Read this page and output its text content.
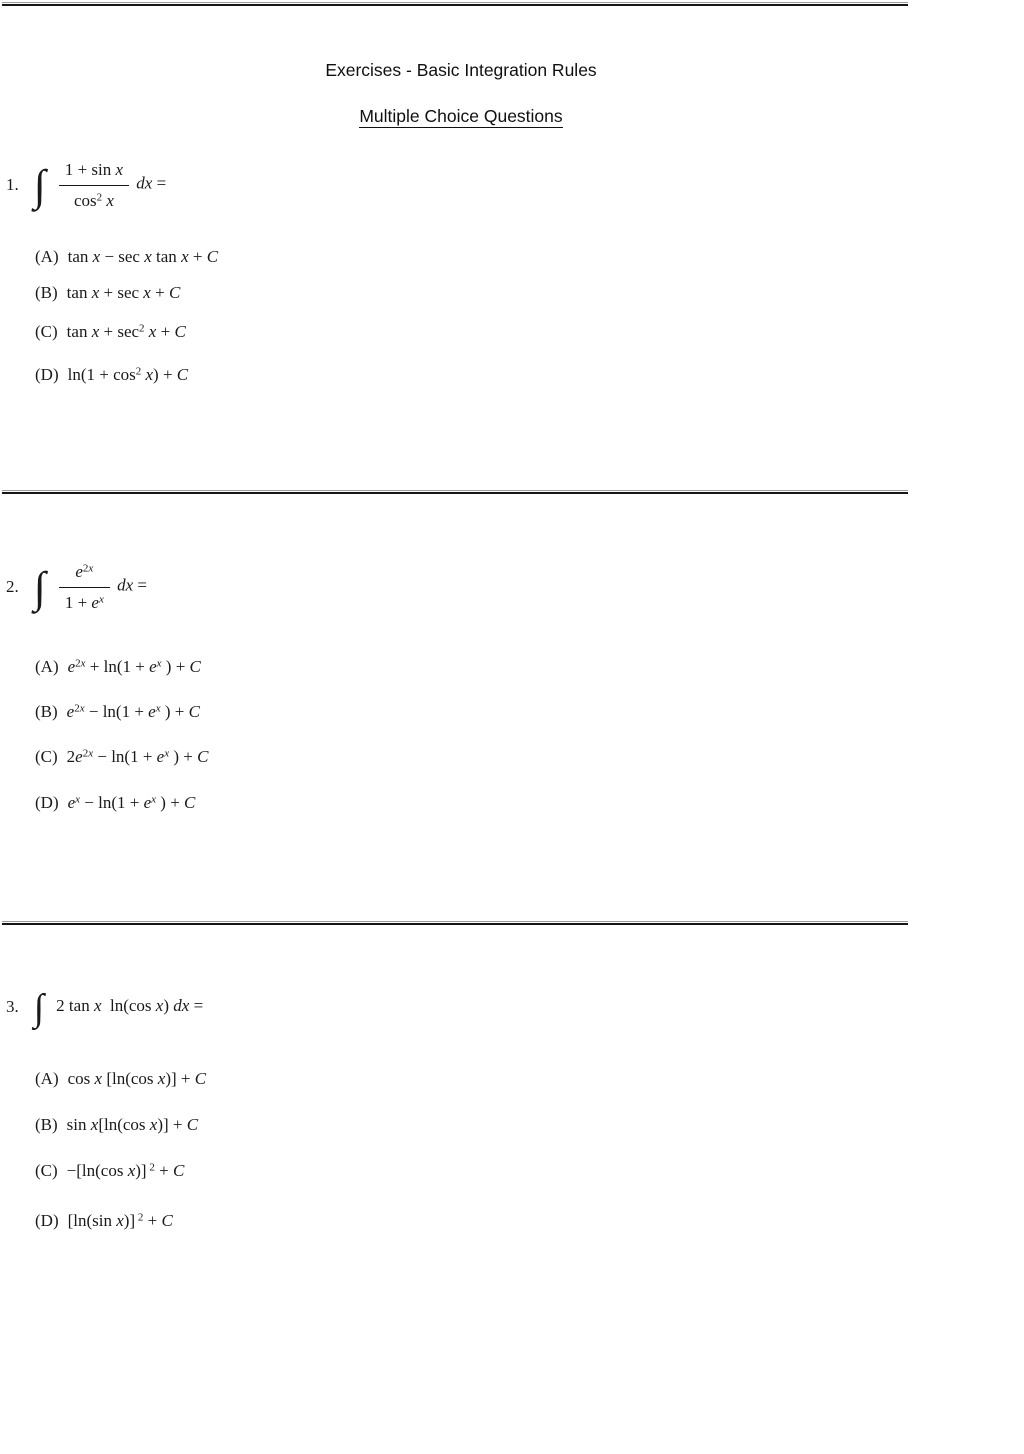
Exercises - Basic Integration Rules
Multiple Choice Questions
1. ∫ $\frac{\text{1 + sin x}}{\cos^2 x}$ dx =
(A) tan x − sec x tan x + C
(B) tan x + sec x + C
(C) $\tan x + \sec^2 x + C$
(D) $\ln(1 + \cos^2 x) + C$
2. ∫ $\frac{e^{2x}}{1 + e^x}$ dx =
(A) $e^{2x} + \ln(1 + e^x$ ) + C
(B) $e^{2x} - \ln(1 + e^x$ ) + C
(C) $2e^{2x} - \ln(1 + e^x$ ) + C
(D) $e^x - \ln(1 + e^x$ ) + C
3. ∫ 2 tan x ln(cos x) dx =
(A) cos x [ln(cos x)] + C
(B) sin x[ln(cos x)] + C
(C) −[ln(cos x)] $^2$ + C
(D) [ln(sin x)] $^2$ + C
